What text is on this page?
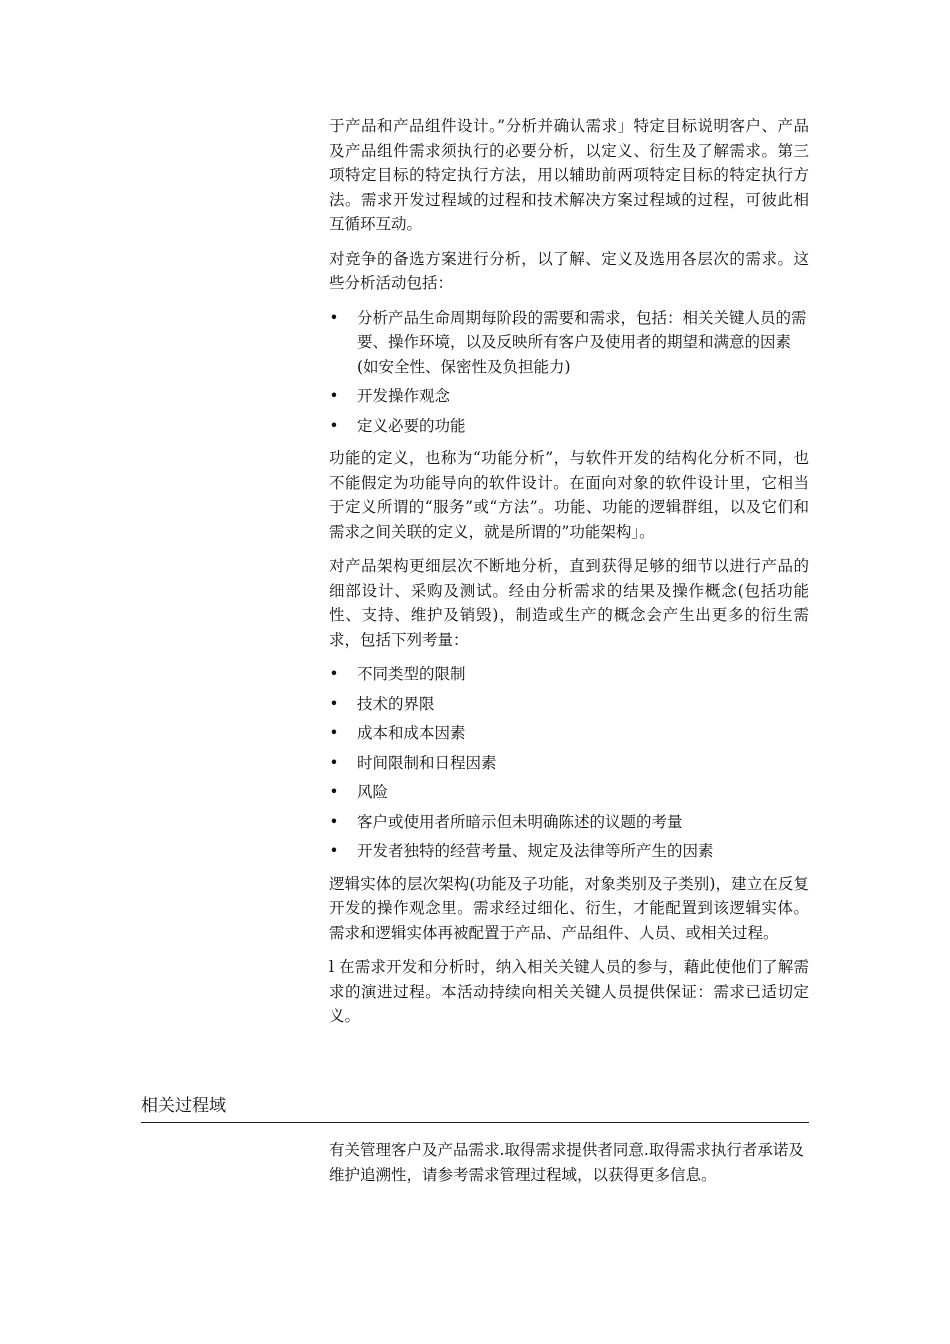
于产品和产品组件设计。”分析并确认需求」特定目标说明客户、产品及产品组件需求须执行的必要分析，以定义、衍生及了解需求。第三项特定目标的特定执行方法，用以辅助前两项特定目标的特定执行方法。需求开发过程域的过程和技术解决方案过程域的过程，可彼此相互循环互动。

对竞争的备选方案进行分析，以了解、定义及选用各层次的需求。这些分析活动包括：

• 分析产品生命周期每阶段的需要和需求，包括：相关关键人员的需要、操作环境，以及反映所有客户及使用者的期望和满意的因素(如安全性、保密性及负担能力)
• 开发操作观念
• 定义必要的功能

功能的定义，也称为“功能分析”，与软件开发的结构化分析不同，也不能假定为功能导向的软件设计。在面向对象的软件设计里，它相当于定义所谓的“服务”或“方法”。功能、功能的逻辑群组，以及它们和需求之间关联的定义，就是所谓的”功能架构」。

对产品架构更细层次不断地分析，直到获得足够的细节以进行产品的细部设计、采购及测试。经由分析需求的结果及操作概念(包括功能性、支持、维护及销毁)，制造或生产的概念会产生出更多的衍生需求，包括下列考量：

• 不同类型的限制
• 技术的界限
• 成本和成本因素
• 时间限制和日程因素
• 风险
• 客户或使用者所暗示但未明确陈述的议题的考量
• 开发者独特的经营考量、规定及法律等所产生的因素

逻辑实体的层次架构(功能及子功能，对象类别及子类别)，建立在反复开发的操作观念里。需求经过细化、衍生，才能配置到该逻辑实体。需求和逻辑实体再被配置于产品、产品组件、人员、或相关过程。

l 在需求开发和分析时，纳入相关关键人员的参与，藉此使他们了解需求的演进过程。本活动持续向相关关键人员提供保证：需求已适切定义。

相关过程域
有关管理客户及产品需求.取得需求提供者同意.取得需求执行者承诺及维护追溯性，请参考需求管理过程域，以获得更多信息。
